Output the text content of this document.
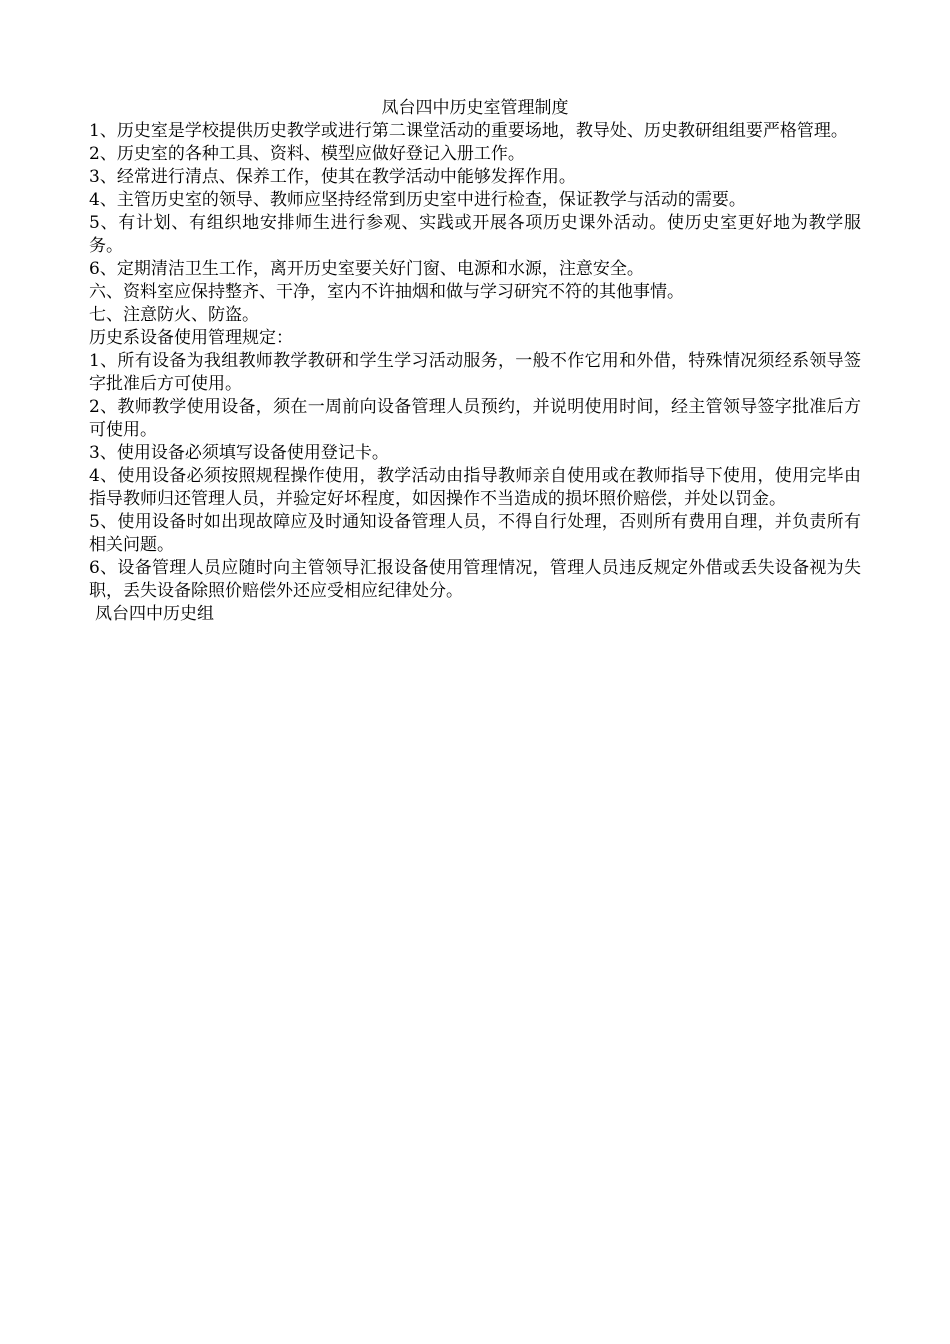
凤台四中历史室管理制度

1、历史室是学校提供历史教学或进行第二课堂活动的重要场地，教导处、历史教研组组要严格管理。

2、历史室的各种工具、资料、模型应做好登记入册工作。

3、经常进行清点、保养工作，使其在教学活动中能够发挥作用。

4、主管历史室的领导、教师应坚持经常到历史室中进行检查，保证教学与活动的需要。

5、有计划、有组织地安排师生进行参观、实践或开展各项历史课外活动。使历史室更好地为教学服务。

6、定期清洁卫生工作，离开历史室要关好门窗、电源和水源，注意安全。

六、资料室应保持整齐、干净，室内不许抽烟和做与学习研究不符的其他事情。

七、注意防火、防盗。

历史系设备使用管理规定：

1、所有设备为我组教师教学教研和学生学习活动服务，一般不作它用和外借，特殊情况须经系领导签字批准后方可使用。

2、教师教学使用设备，须在一周前向设备管理人员预约，并说明使用时间，经主管领导签字批准后方可使用。

3、使用设备必须填写设备使用登记卡。

4、使用设备必须按照规程操作使用，教学活动由指导教师亲自使用或在教师指导下使用，使用完毕由指导教师归还管理人员，并验定好坏程度，如因操作不当造成的损坏照价赔偿，并处以罚金。

5、使用设备时如出现故障应及时通知设备管理人员，不得自行处理，否则所有费用自理，并负责所有相关问题。

6、设备管理人员应随时向主管领导汇报设备使用管理情况，管理人员违反规定外借或丢失设备视为失职，丢失设备除照价赔偿外还应受相应纪律处分。

凤台四中历史组
